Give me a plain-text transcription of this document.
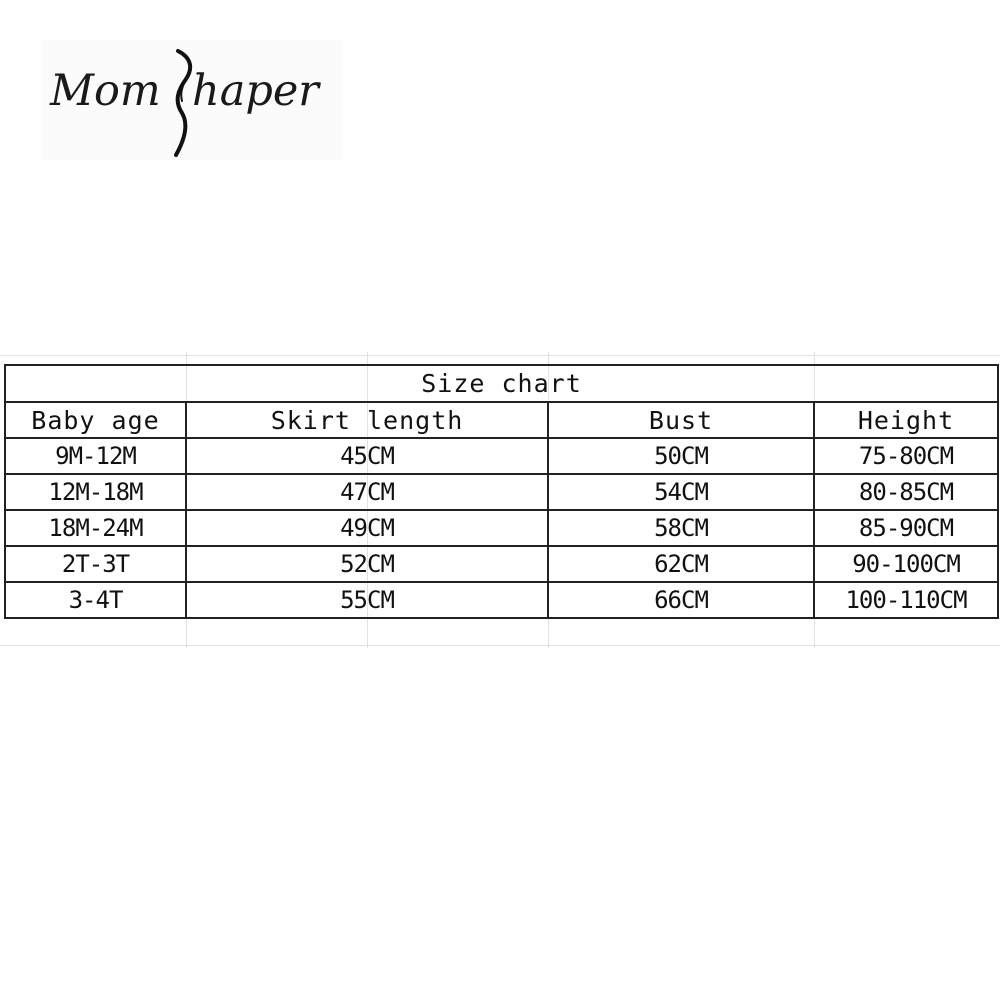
Mom haper
Size chart			
Baby age	Skirt length	Bust	Height
9M-12M	45CM	50CM	75-80CM
12M-18M	47CM	54CM	80-85CM
18M-24M	49CM	58CM	85-90CM
2T-3T	52CM	62CM	90-100CM
3-4T	55CM	66CM	100-110CM
